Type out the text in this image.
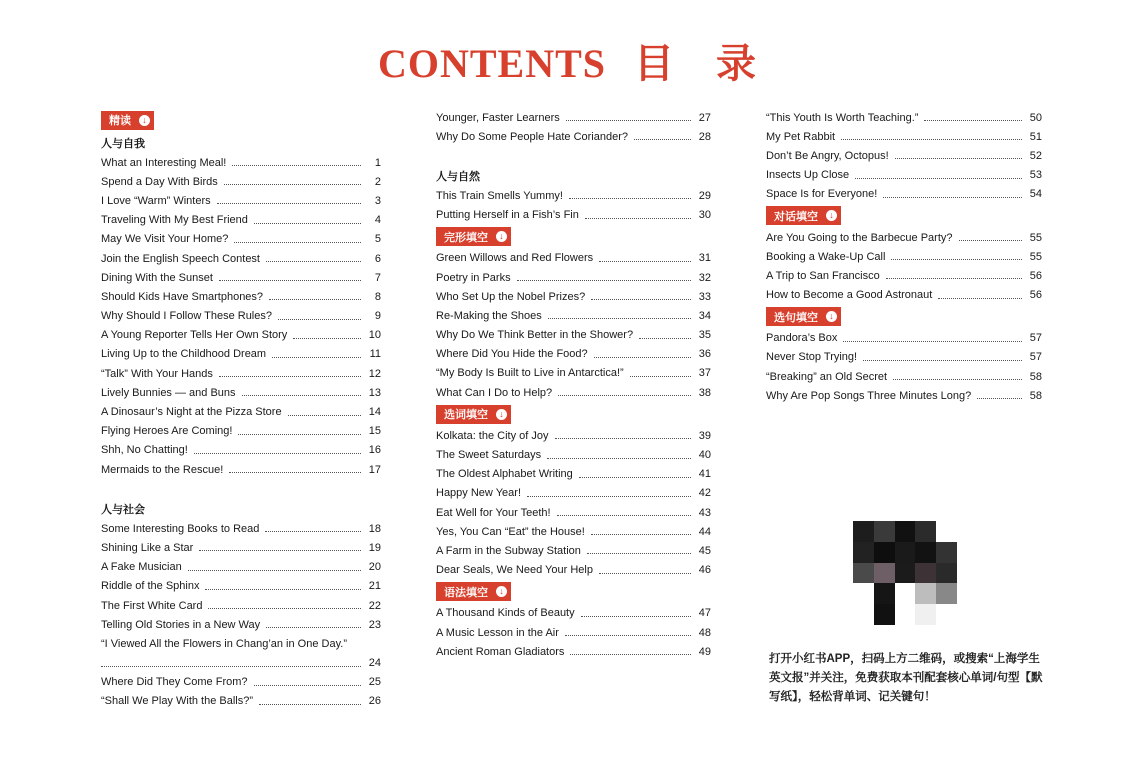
CONTENTS 目 录
精读	↓
人与自我
What an Interesting Meal!	1
Spend a Day With Birds	2
I Love “Warm” Winters	3
Traveling With My Best Friend	4
May We Visit Your Home?	5
Join the English Speech Contest	6
Dining With the Sunset	7
Should Kids Have Smartphones?	8
Why Should I Follow These Rules?	9
A Young Reporter Tells Her Own Story	10
Living Up to the Childhood Dream	11
“Talk” With Your Hands	12
Lively Bunnies — and Buns	13
A Dinosaur’s Night at the Pizza Store	14
Flying Heroes Are Coming!	15
Shh, No Chatting!	16
Mermaids to the Rescue!	17
人与社会
Some Interesting Books to Read	18
Shining Like a Star	19
A Fake Musician	20
Riddle of the Sphinx	21
The First White Card	22
Telling Old Stories in a New Way	23
“I Viewed All the Flowers in Chang’an in One Day.”
24
Where Did They Come From?	25
“Shall We Play With the Balls?”	26
Younger, Faster Learners	27
Why Do Some People Hate Coriander?	28
人与自然
This Train Smells Yummy!	29
Putting Herself in a Fish’s Fin	30
完形填空	↓
Green Willows and Red Flowers	31
Poetry in Parks	32
Who Set Up the Nobel Prizes?	33
Re-Making the Shoes	34
Why Do We Think Better in the Shower?	35
Where Did You Hide the Food?	36
“My Body Is Built to Live in Antarctica!”	37
What Can I Do to Help?	38
选词填空	↓
Kolkata: the City of Joy	39
The Sweet Saturdays	40
The Oldest Alphabet Writing	41
Happy New Year!	42
Eat Well for Your Teeth!	43
Yes, You Can “Eat” the House!	44
A Farm in the Subway Station	45
Dear Seals, We Need Your Help	46
语法填空	↓
A Thousand Kinds of Beauty	47
A Music Lesson in the Air	48
Ancient Roman Gladiators	49
“This Youth Is Worth Teaching.”	50
My Pet Rabbit	51
Don’t Be Angry, Octopus!	52
Insects Up Close	53
Space Is for Everyone!	54
对话填空	↓
Are You Going to the Barbecue Party?	55
Booking a Wake-Up Call	55
A Trip to San Francisco	56
How to Become a Good Astronaut	56
选句填空	↓
Pandora’s Box	57
Never Stop Trying!	57
“Breaking” an Old Secret	58
Why Are Pop Songs Three Minutes Long?	58
打开小红书APP，扫码上方二维码，或搜索“上海学生英文报”并关注，免费获取本刊配套核心单词/句型【默写纸】，轻松背单词、记关键句！
